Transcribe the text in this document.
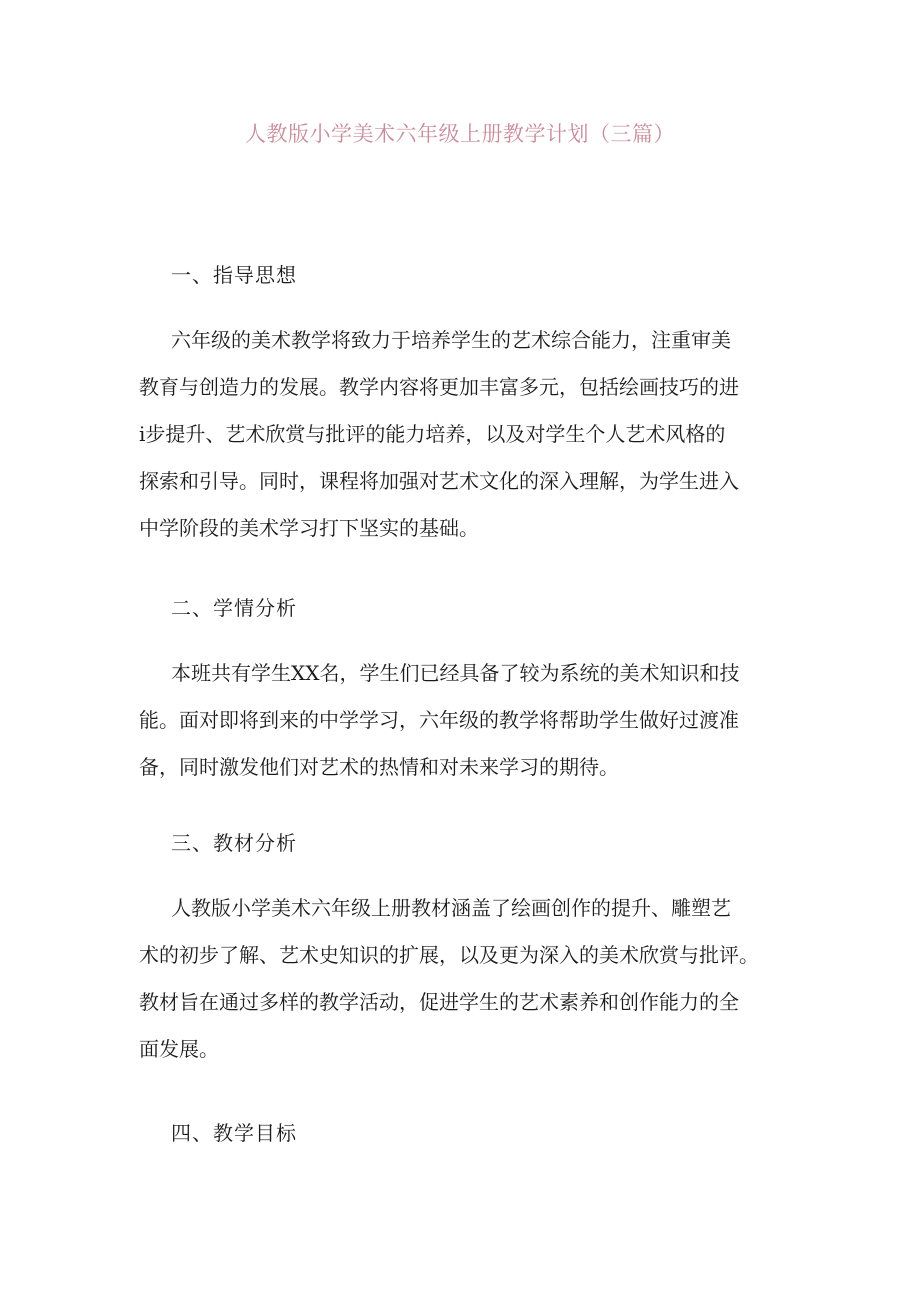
人教版小学美术六年级上册教学计划（三篇）
一、指导思想
六年级的美术教学将致力于培养学生的艺术综合能力，注重审美
教育与创造力的发展。教学内容将更加丰富多元，包括绘画技巧的进
i步提升、艺术欣赏与批评的能力培养，以及对学生个人艺术风格的
探索和引导。同时，课程将加强对艺术文化的深入理解，为学生进入
中学阶段的美术学习打下坚实的基础。
二、学情分析
本班共有学生XX名，学生们已经具备了较为系统的美术知识和技
能。面对即将到来的中学学习，六年级的教学将帮助学生做好过渡准
备，同时激发他们对艺术的热情和对未来学习的期待。
三、教材分析
人教版小学美术六年级上册教材涵盖了绘画创作的提升、雕塑艺
术的初步了解、艺术史知识的扩展，以及更为深入的美术欣赏与批评。
教材旨在通过多样的教学活动，促进学生的艺术素养和创作能力的全
面发展。
四、教学目标
